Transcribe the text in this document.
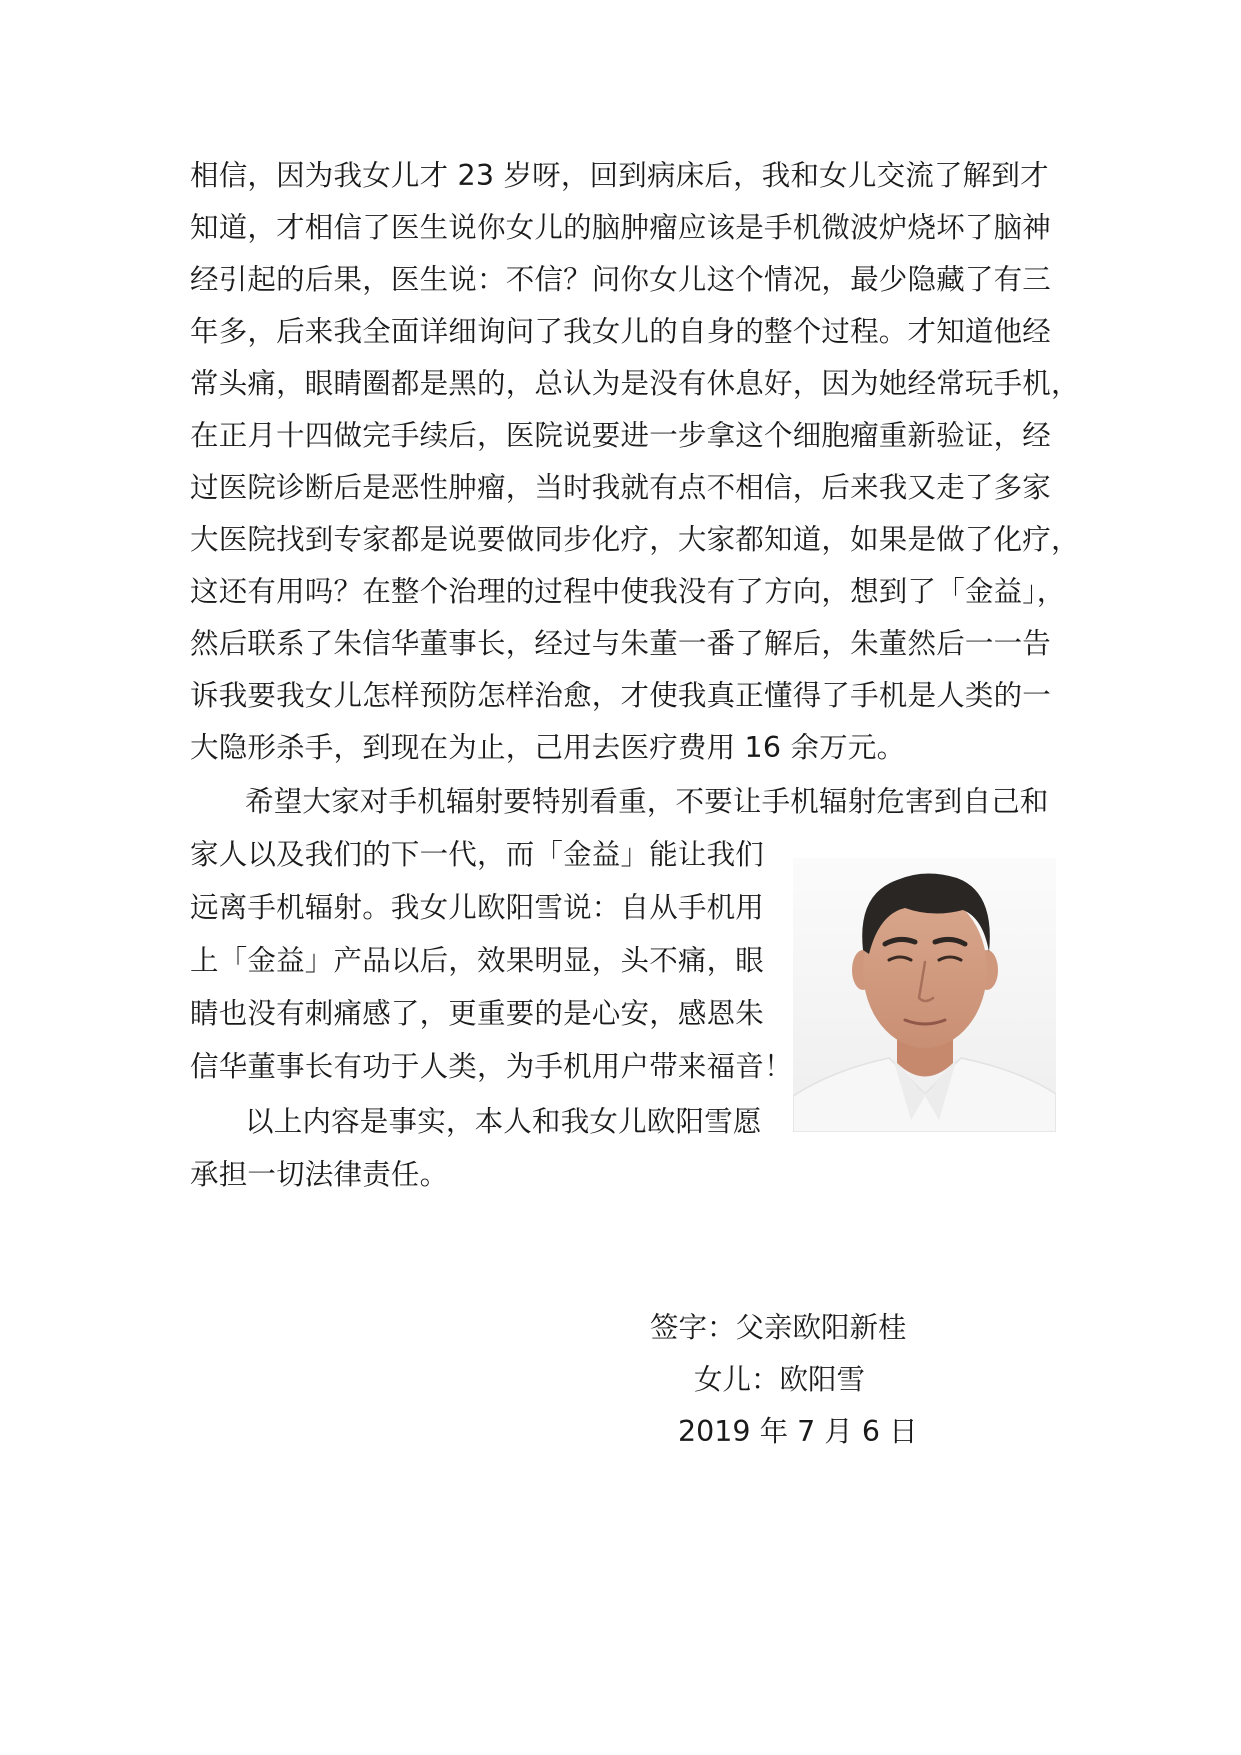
相信，因为我女儿才 23 岁呀，回到病床后，我和女儿交流了解到才
知道，才相信了医生说你女儿的脑肿瘤应该是手机微波炉烧坏了脑神
经引起的后果，医生说：不信？问你女儿这个情况，最少隐藏了有三
年多，后来我全面详细询问了我女儿的自身的整个过程。才知道他经
常头痛，眼睛圈都是黑的，总认为是没有休息好，因为她经常玩手机，
在正月十四做完手续后，医院说要进一步拿这个细胞瘤重新验证，经
过医院诊断后是恶性肿瘤，当时我就有点不相信，后来我又走了多家
大医院找到专家都是说要做同步化疗，大家都知道，如果是做了化疗，
这还有用吗？在整个治理的过程中使我没有了方向，想到了「金益」，
然后联系了朱信华董事长，经过与朱董一番了解后，朱董然后一一告
诉我要我女儿怎样预防怎样治愈，才使我真正懂得了手机是人类的一
大隐形杀手，到现在为止，己用去医疗费用 16 余万元。
希望大家对手机辐射要特别看重，不要让手机辐射危害到自己和
家人以及我们的下一代，而「金益」能让我们
远离手机辐射。我女儿欧阳雪说：自从手机用
上「金益」产品以后，效果明显，头不痛，眼
睛也没有刺痛感了，更重要的是心安，感恩朱
信华董事长有功于人类，为手机用户带来福音！
以上内容是事实，本人和我女儿欧阳雪愿
承担一切法律责任。
签字：父亲欧阳新桂
女儿：欧阳雪
2019 年 7 月 6 日
